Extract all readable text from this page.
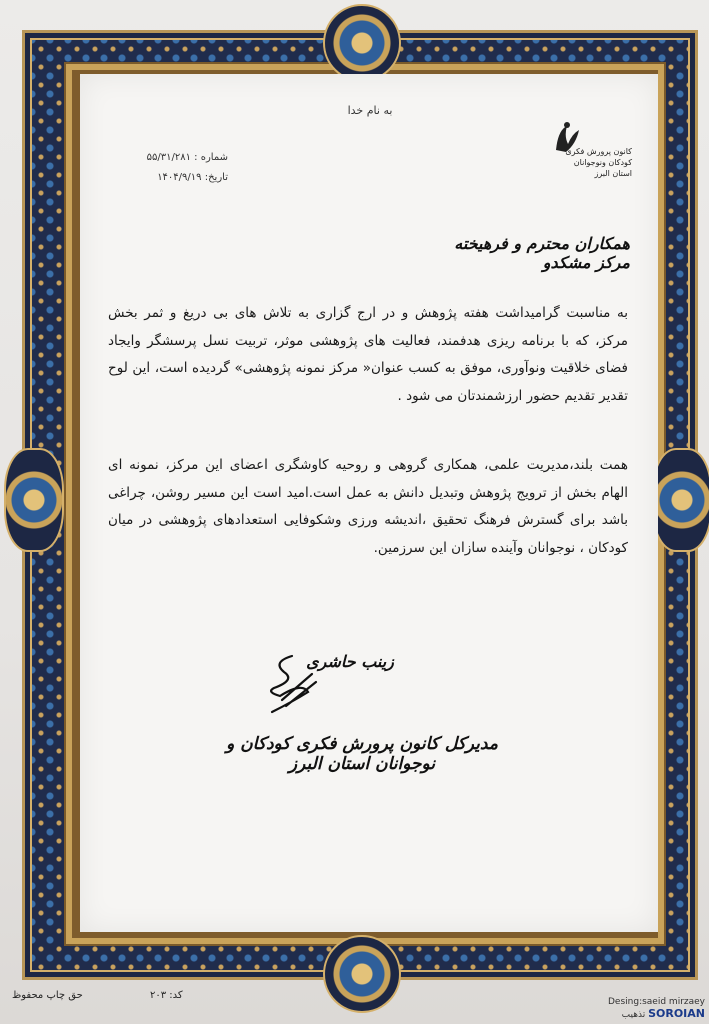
به نام خدا
کانون پرورش فکری
کودکان ونوجوانان
استان البرز
شماره : ۵۵/۳۱/۲۸۱
تاریخ: ۱۴۰۴/۹/۱۹
همکاران محترم و فرهیخته مرکز مشکدو
به مناسبت گرامیداشت هفته پژوهش و در ارج گزاری به تلاش های بی دریغ و ثمر بخش مرکز، که با برنامه ریزی هدفمند، فعالیت های پژوهشی موثر، تربیت نسل پرسشگر وایجاد فضای خلاقیت ونوآوری، موفق به کسب عنوان« مرکز نمونه پژوهشی» گردیده است، این لوح تقدیر تقدیم حضور ارزشمندتان می شود .
همت بلند،مدیریت علمی، همکاری گروهی و روحیه کاوشگری اعضای این مرکز، نمونه ای الهام بخش از ترویج پژوهش وتبدیل دانش به عمل است.امید است این مسیر روشن، چراغی باشد برای گسترش فرهنگ تحقیق ،اندیشه ورزی وشکوفایی استعدادهای پژوهشی در میان کودکان ، نوجوانان وآینده سازان این سرزمین.
زینب حاشری
مدیرکل کانون پرورش فکری کودکان و نوجوانان استان البرز
حق چاپ محفوظ	کد: ۲۰۳
Desing:saeid mirzaey
تذهیب SOROIAN
